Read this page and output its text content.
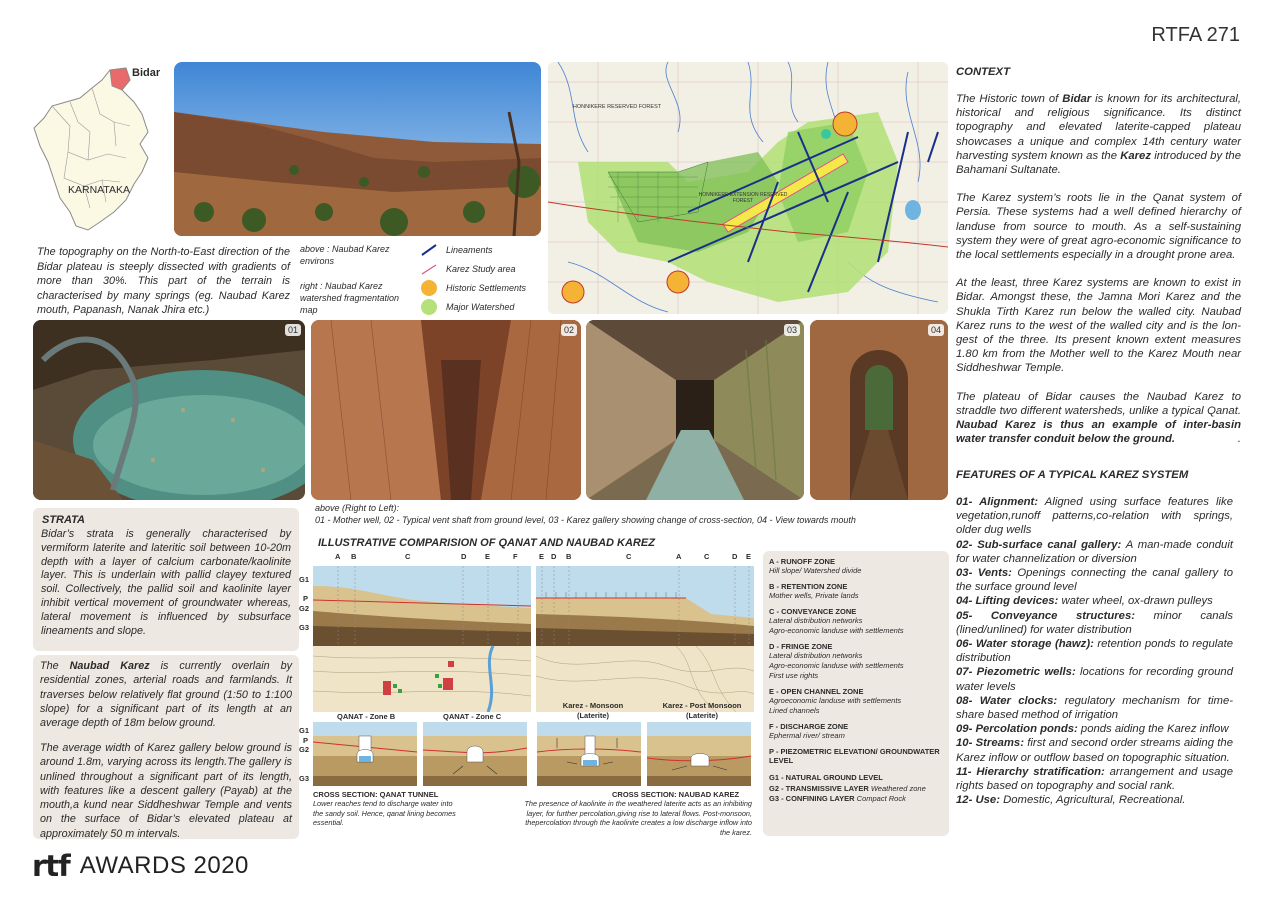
RTFA 271
Bidar
KARNATAKA
HONNIKERE RESERVED FOREST
HONNIKERE EXTENSION RESERVED FOREST
The topography on the North-to-East direction of the Bidar plateau is steeply dissected with gradients of more than 30%. This part of the terrain is characterised by many springs (eg. Naubad Karez mouth, Papanash, Nanak Jhira etc.)
above : Naubad Karez environs
right : Naubad Karez watershed fragmentation map
Lineaments
Karez Study area
Historic Settlements
Major Watershed
01	02	03	04
above (Right to Left):
01 - Mother well, 02 - Typical vent shaft from ground level, 03 - Karez gallery showing change of cross-section, 04 - View towards mouth
STRATA
Bidar’s strata is generally characterised by vermiform laterite and lateritic soil between 10-20m depth with a layer of calcium carbonate/kaolinite layer. This is underlain with pallid clayey textured soil. Collectively, the pallid soil and kaolinite layer inhibit vertical movement of groundwater whereas, lateral movement is influenced by subsurface lineaments and slope.
The Naubad Karez is currently overlain by residential zones, arterial roads and farmlands. It traverses below relatively flat ground (1:50 to 1:100 slope) for a significant part of its length at an average depth of 18m below ground.
The average width of Karez gallery below ground is around 1.8m, varying across its length.The gallery is unlined throughout a significant part of its length, with features like a descent gallery (Payab) at the mouth,a kund near Siddheshwar Temple and vents on the surface of Bidar’s elevated plateau at approximately 50 m intervals.
ILLUSTRATIVE COMPARISION OF QANAT AND NAUBAD KAREZ
G1
P
G2
G3
A B	C	D E	F	E D B	C	A	C	D E
QANAT - Zone B	QANAT - Zone C
Karez - Monsoon (Laterite)
Karez - Post Monsoon (Laterite)
G1
P
G2
G3
CROSS SECTION: QANAT TUNNEL
Lower reaches tend to discharge water into the sandy soil. Hence, qanat lining becomes essential.
CROSS SECTION: NAUBAD KAREZ
The presence of kaolinite in the weathered laterite acts as an inhibiting layer, for further percolation,giving rise to lateral flows. Post-monsoon, thepercolation through the kaolinite creates a low discharge inflow into the karez.
A - RUNOFF ZONE
Hill slope/ Watershed divide
B - RETENTION ZONE
Mother wells, Private lands
C - CONVEYANCE ZONE
Lateral distribution networks
Agro-economic landuse with settlements
D - FRINGE ZONE
Lateral distribution networks
Agro-economic landuse with settlements
First use rights
E - OPEN CHANNEL ZONE
Agroeconomic landuse with settlements
Lined channels
F - DISCHARGE ZONE
Ephermal river/ stream
P - PIEZOMETRIC ELEVATION/ GROUNDWATER LEVEL
G1 - NATURAL GROUND LEVEL
G2 - TRANSMISSIVE LAYER Weathered zone
G3 - CONFINING LAYER Compact Rock
CONTEXT

The Historic town of Bidar is known for its architectural, historical and religious significance. Its distinct topography and elevated laterite-capped plateau showcases a unique and complex 14th century water harvesting system known as the Karez introduced by the Bahamani Sultanate.

The Karez system’s roots lie in the Qanat system of Persia. These systems had a well defined hierarchy of landuse from source to mouth. As a self-sustaining system they were of great agro-economic significance to the local settlements especially in a drought prone area.

At the least, three Karez systems are known to exist in Bidar. Amongst these, the Jamna Mori Karez and the Shukla Tirth Karez run below the walled city. Naubad Karez runs to the west of the walled city and is the lon-gest of the three. Its present known extent measures 1.80 km from the Mother well to the Karez Mouth near Siddheshwar Temple.

The plateau of Bidar causes the Naubad Karez to straddle two different watersheds, unlike a typical Qanat. Naubad Karez is thus an example of inter-basin water transfer conduit below the ground.	.

FEATURES OF A TYPICAL KAREZ SYSTEM
01- Alignment: Aligned using surface features like vegetation,runoff patterns,co-relation with springs, older dug wells
02- Sub-surface canal gallery: A man-made conduit for water channelization or diversion
03- Vents: Openings connecting the canal gallery to the surface ground level
04- Lifting devices: water wheel, ox-drawn pulleys
05- Conveyance structures: minor canals (lined/unlined) for water distribution
06- Water storage (hawz): retention ponds to regulate distribution
07- Piezometric wells: locations for recording ground water levels
08- Water clocks: regulatory mechanism for time-share based method of irrigation
09- Percolation ponds: ponds aiding the Karez inflow
10- Streams: first and second order streams aiding the Karez inflow or outflow based on topographic situation.
11- Hierarchy stratification: arrangement and usage rights based on topography and social rank.
12- Use: Domestic, Agricultural, Recreational.
rtf AWARDS 2020
